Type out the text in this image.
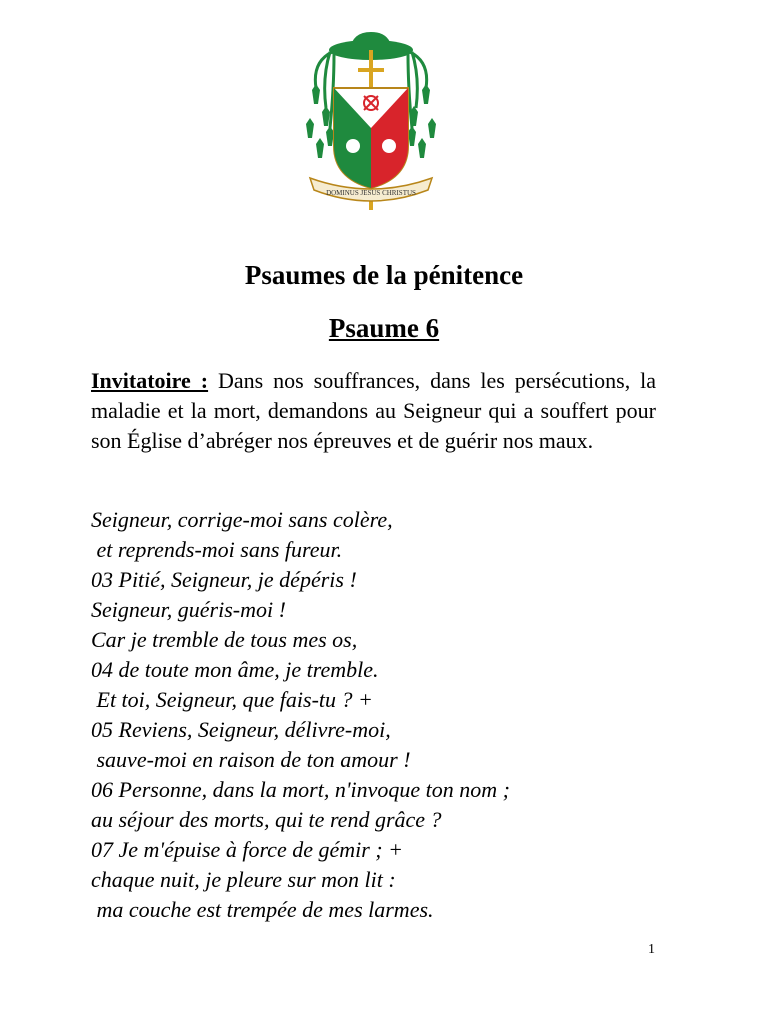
DOMINUS JESUS CHRISTUS
Psaumes de la pénitence
Psaume 6

Invitatoire : Dans nos souffrances, dans les persécutions, la maladie et la mort, demandons au Seigneur qui a souffert pour son Église d’abréger nos épreuves et de guérir nos maux.

Seigneur, corrige-moi sans colère,
et reprends-moi sans fureur.
03 Pitié, Seigneur, je dépéris !
Seigneur, guéris-moi !
Car je tremble de tous mes os,
04 de toute mon âme, je tremble.
Et toi, Seigneur, que fais-tu ? +
05 Reviens, Seigneur, délivre-moi,
sauve-moi en raison de ton amour !
06 Personne, dans la mort, n'invoque ton nom ;
au séjour des morts, qui te rend grâce ?
07 Je m'épuise à force de gémir ; +
chaque nuit, je pleure sur mon lit :
ma couche est trempée de mes larmes.
1
